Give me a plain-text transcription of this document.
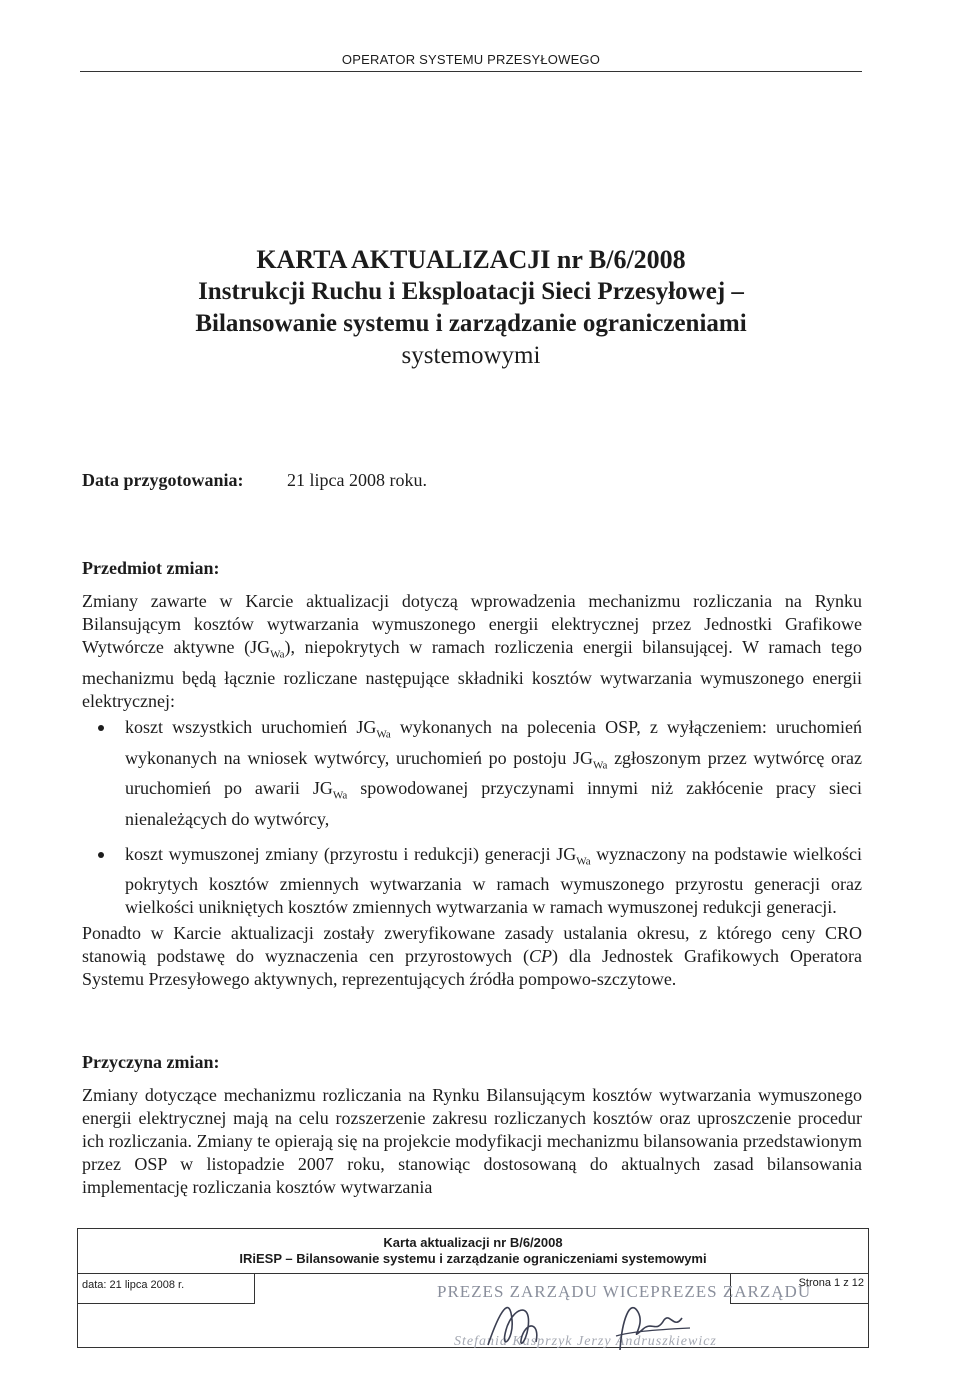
OPERATOR SYSTEMU PRZESYŁOWEGO
KARTA AKTUALIZACJI nr B/6/2008
Instrukcji Ruchu i Eksploatacji Sieci Przesyłowej –
Bilansowanie systemu i zarządzanie ograniczeniami
systemowymi
Data przygotowania: 21 lipca 2008 roku.
Przedmiot zmian:
Zmiany zawarte w Karcie aktualizacji dotyczą wprowadzenia mechanizmu rozliczania na Rynku Bilansującym kosztów wytwarzania wymuszonego energii elektrycznej przez Jednostki Grafikowe Wytwórcze aktywne $(JG_{Wa})$, niepokrytych w ramach rozliczenia energii bilansującej. W ramach tego mechanizmu będą łącznie rozliczane następujące składniki kosztów wytwarzania wymuszonego energii elektrycznej:
koszt wszystkich uruchomień $JG_{Wa}$ wykonanych na polecenia OSP, z wyłączeniem: uruchomień wykonanych na wniosek wytwórcy, uruchomień po postoju $JG_{Wa}$ zgłoszonym przez wytwórcę oraz uruchomień po awarii $JG_{Wa}$ spowodowanej przyczynami innymi niż zakłócenie pracy sieci nienależących do wytwórcy,
koszt wymuszonej zmiany (przyrostu i redukcji) generacji $JG_{Wa}$ wyznaczony na podstawie wielkości pokrytych kosztów zmiennych wytwarzania w ramach wymuszonego przyrostu generacji oraz wielkości unikniętych kosztów zmiennych wytwarzania w ramach wymuszonej redukcji generacji.
Ponadto w Karcie aktualizacji zostały zweryfikowane zasady ustalania okresu, z którego ceny CRO stanowią podstawę do wyznaczenia cen przyrostowych (CP) dla Jednostek Grafikowych Operatora Systemu Przesyłowego aktywnych, reprezentujących źródła pompowo-szczytowe.
Przyczyna zmian:
Zmiany dotyczące mechanizmu rozliczania na Rynku Bilansującym kosztów wytwarzania wymuszonego energii elektrycznej mają na celu rozszerzenie zakresu rozliczanych kosztów oraz uproszczenie procedur ich rozliczania. Zmiany te opierają się na projekcie modyfikacji mechanizmu bilansowania przedstawionym przez OSP w listopadzie 2007 roku, stanowiąc dostosowaną do aktualnych zasad bilansowania implementację rozliczania kosztów wytwarzania
Karta aktualizacji nr B/6/2008
IRiESP – Bilansowanie systemu i zarządzanie ograniczeniami systemowymi
data: 21 lipca 2008 r.	Strona 1 z 12
PREZES ZARZĄDU WICEPREZES ZARZĄDU
Stefania Kasprzyk Jerzy Andruszkiewicz
